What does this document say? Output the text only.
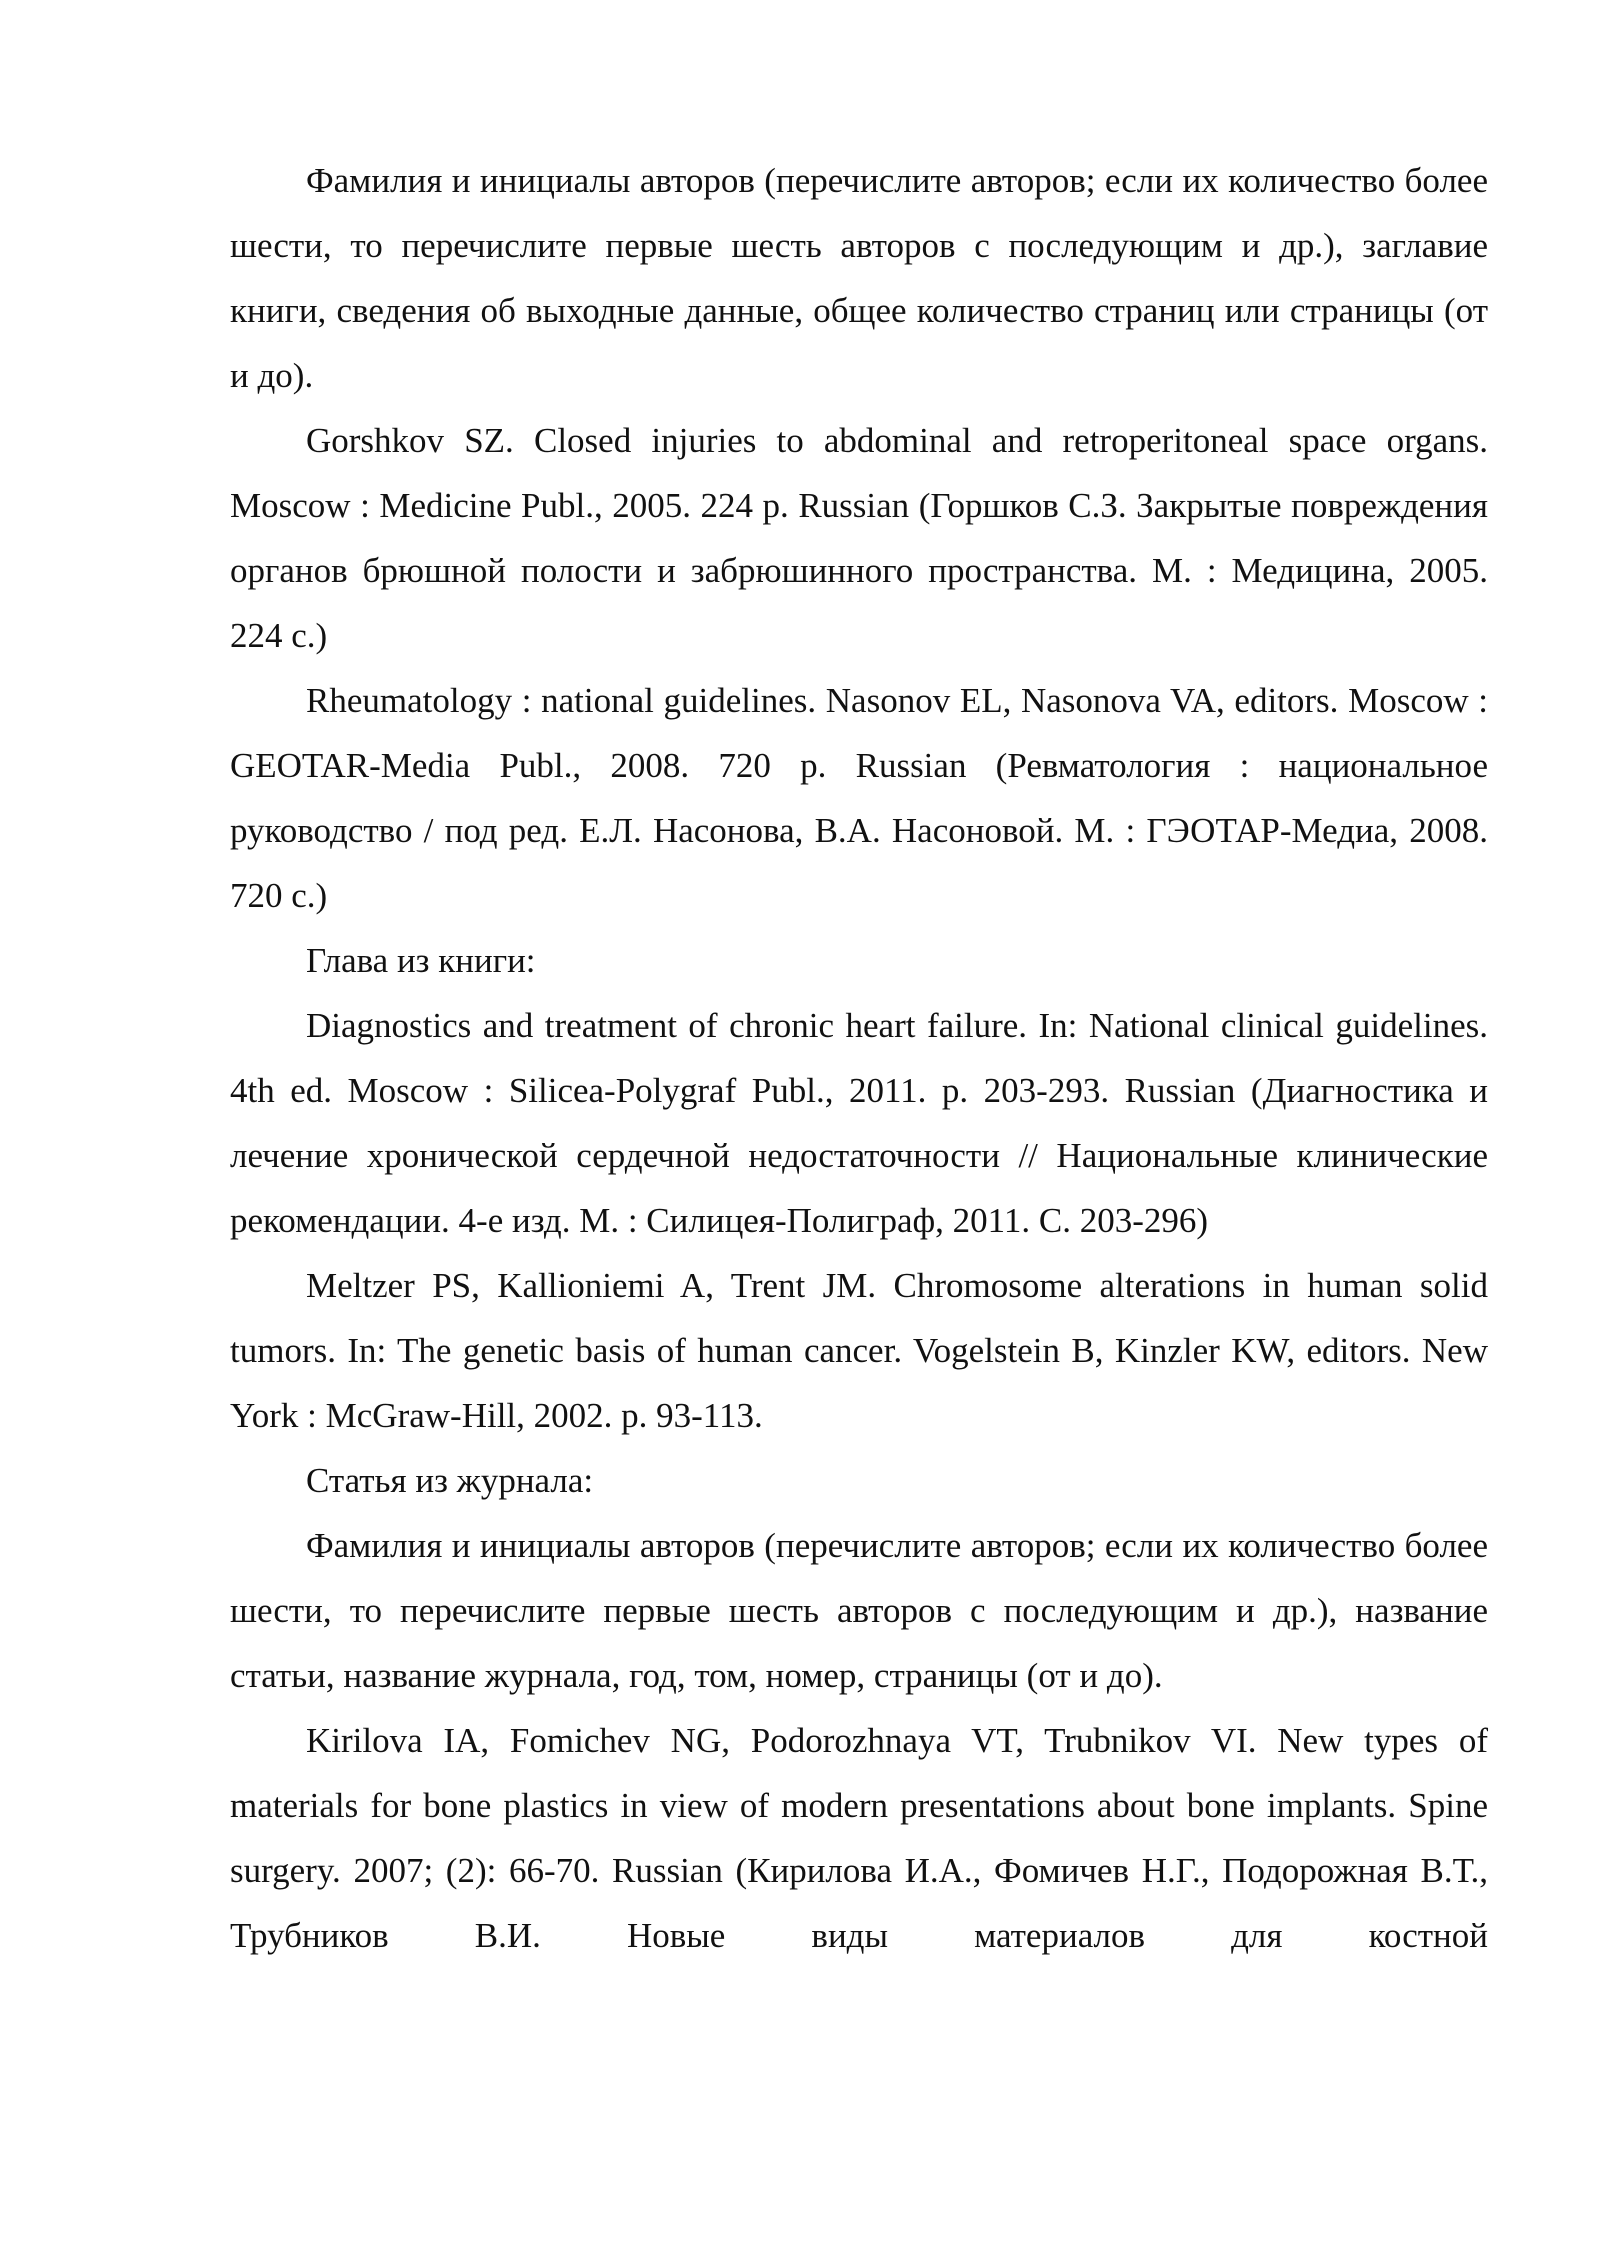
Фамилия и инициалы авторов (перечислите авторов; если их количество более шести, то перечислите первые шесть авторов с последующим и др.), заглавие книги, сведения об выходные данные, общее количество страниц или страницы (от и до).

Gorshkov SZ. Closed injuries to abdominal and retroperitoneal space organs. Moscow : Medicine Publ., 2005. 224 p. Russian (Горшков С.З. Закрытые повреждения органов брюшной полости и забрюшинного пространства. М. : Медицина, 2005. 224 с.)

Rheumatology : national guidelines. Nasonov EL, Nasonova VA, editors. Moscow : GEOTAR-Media Publ., 2008. 720 p. Russian (Ревматология : национальное руководство / под ред. Е.Л. Насонова, В.А. Насоновой. М. : ГЭОТАР-Медиа, 2008. 720 с.)

Глава из книги:

Diagnostics and treatment of chronic heart failure. In: National clinical guidelines. 4th ed. Moscow : Silicea-Polygraf Publ., 2011. p. 203-293. Russian (Диагностика и лечение хронической сердечной недостаточности // Национальные клинические рекомендации. 4-е изд. М. : Силицея-Полиграф, 2011. С. 203-296)

Meltzer PS, Kallioniemi A, Trent JM. Chromosome alterations in human solid tumors. In: The genetic basis of human cancer. Vogelstein B, Kinzler KW, editors. New York : McGraw-Hill, 2002. p. 93-113.

Статья из журнала:

Фамилия и инициалы авторов (перечислите авторов; если их количество более шести, то перечислите первые шесть авторов с последующим и др.), название статьи, название журнала, год, том, номер, страницы (от и до).

Kirilova IA, Fomichev NG, Podorozhnaya VT, Trubnikov VI. New types of materials for bone plastics in view of modern presentations about bone implants. Spine surgery. 2007; (2): 66-70. Russian (Кирилова И.А., Фомичев Н.Г., Подорожная В.Т., Трубников В.И. Новые виды материалов для костной
